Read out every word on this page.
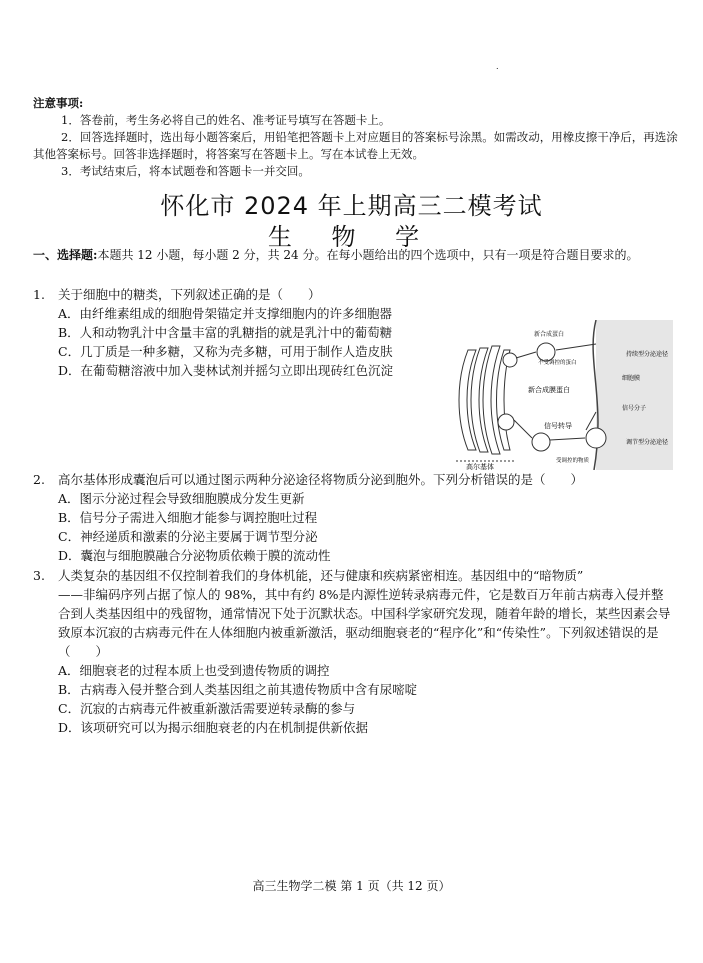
.

注意事项:

1．答卷前，考生务必将自己的姓名、准考证号填写在答题卡上。

2．回答选择题时，选出每小题答案后，用铅笔把答题卡上对应题目的答案标号涂黑。如需改动，用橡皮擦干净后，再选涂其他答案标号。回答非选择题时，将答案写在答题卡上。写在本试卷上无效。

3．考试结束后，将本试题卷和答题卡一并交回。

怀化市 2024 年上期高三二模考试
生 物 学
一、选择题:本题共 12 小题，每小题 2 分，共 24 分。在每小题给出的四个选项中，只有一项是符合题目要求的。
1. 关于细胞中的糖类，下列叙述正确的是（　　）
A．由纤维素组成的细胞骨架锚定并支撑细胞内的许多细胞器
B．人和动物乳汁中含量丰富的乳糖指的就是乳汁中的葡萄糖
C．几丁质是一种多糖，又称为壳多糖，可用于制作人造皮肤
D．在葡萄糖溶液中加入斐林试剂并摇匀立即出现砖红色沉淀
新合成蛋白
不受调控的蛋白
新合成膜蛋白
信号转导
高尔基体
受调控的物质
持续型分泌途径
细胞膜
信号分子
调节型分泌途径
2. 高尔基体形成囊泡后可以通过图示两种分泌途径将物质分泌到胞外。下列分析错误的是（　　）
A．图示分泌过程会导致细胞膜成分发生更新
B．信号分子需进入细胞才能参与调控胞吐过程
C．神经递质和激素的分泌主要属于调节型分泌
D．囊泡与细胞膜融合分泌物质依赖于膜的流动性
3. 人类复杂的基因组不仅控制着我们的身体机能，还与健康和疾病紧密相连。基因组中的“暗物质”
——非编码序列占据了惊人的 98%，其中有约 8%是内源性逆转录病毒元件，它是数百万年前古病毒入侵并整合到人类基因组中的残留物，通常情况下处于沉默状态。中国科学家研究发现，随着年龄的增长，某些因素会导致原本沉寂的古病毒元件在人体细胞内被重新激活，驱动细胞衰老的“程序化”和“传染性”。下列叙述错误的是（　　）
A．细胞衰老的过程本质上也受到遗传物质的调控
B．古病毒入侵并整合到人类基因组之前其遗传物质中含有尿嘧啶
C．沉寂的古病毒元件被重新激活需要逆转录酶的参与
D．该项研究可以为揭示细胞衰老的内在机制提供新依据
高三生物学二模 第 1 页（共 12 页）
